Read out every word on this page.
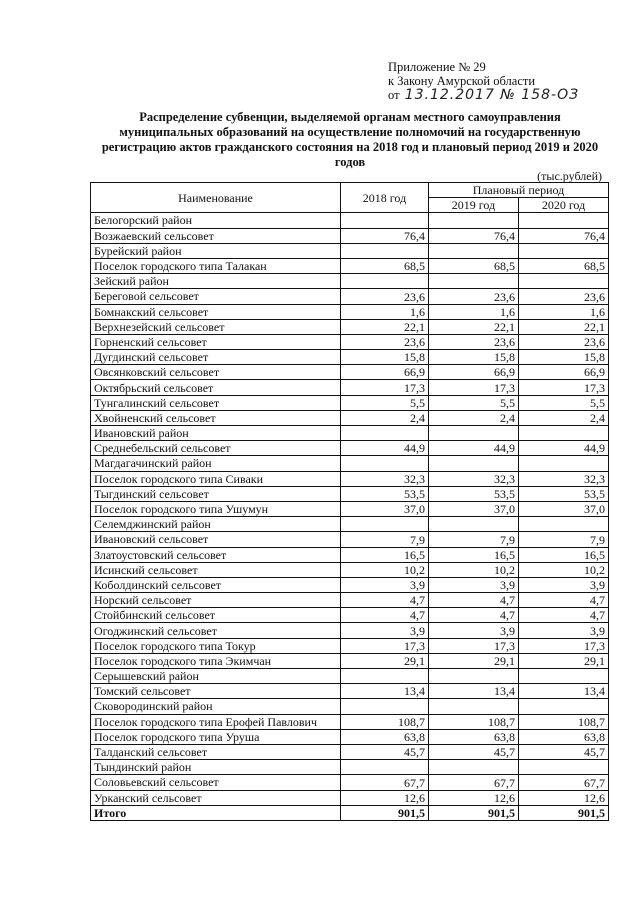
Приложение № 29
к Закону Амурской области
от 13.12.2017 № 158-ОЗ
Распределение субвенции, выделяемой органам местного самоуправления муниципальных образований на осуществление полномочий на государственную регистрацию актов гражданского состояния на 2018 год и плановый период 2019 и 2020 годов
(тыс.рублей)
Наименование	2018 год	Плановый период	
		2019 год	2020 год
Белогорский район			
Возжаевский сельсовет	76,4	76,4	76,4
Бурейский район			
Поселок городского типа Талакан	68,5	68,5	68,5
Зейский район			
Береговой сельсовет	23,6	23,6	23,6
Бомнакский сельсовет	1,6	1,6	1,6
Верхнезейский сельсовет	22,1	22,1	22,1
Горненский сельсовет	23,6	23,6	23,6
Дугдинский сельсовет	15,8	15,8	15,8
Овсянковский сельсовет	66,9	66,9	66,9
Октябрьский сельсовет	17,3	17,3	17,3
Тунгалинский сельсовет	5,5	5,5	5,5
Хвойненский сельсовет	2,4	2,4	2,4
Ивановский район			
Среднебельский сельсовет	44,9	44,9	44,9
Магдагачинский район			
Поселок городского типа Сиваки	32,3	32,3	32,3
Тыгдинский сельсовет	53,5	53,5	53,5
Поселок городского типа Ушумун	37,0	37,0	37,0
Селемджинский район			
Ивановский сельсовет	7,9	7,9	7,9
Златоустовский сельсовет	16,5	16,5	16,5
Исинский сельсовет	10,2	10,2	10,2
Коболдинский сельсовет	3,9	3,9	3,9
Норский сельсовет	4,7	4,7	4,7
Стойбинский сельсовет	4,7	4,7	4,7
Огоджинский сельсовет	3,9	3,9	3,9
Поселок городского типа Токур	17,3	17,3	17,3
Поселок городского типа Экимчан	29,1	29,1	29,1
Серышевский район			
Томский сельсовет	13,4	13,4	13,4
Сковородинский район			
Поселок городского типа Ерофей Павлович	108,7	108,7	108,7
Поселок городского типа Уруша	63,8	63,8	63,8
Талданский сельсовет	45,7	45,7	45,7
Тындинский район			
Соловьевский сельсовет	67,7	67,7	67,7
Урканский сельсовет	12,6	12,6	12,6
Итого	901,5	901,5	901,5
